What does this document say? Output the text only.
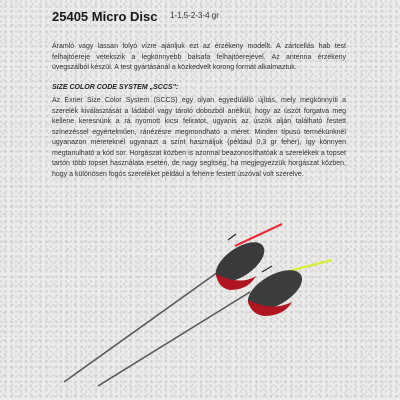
25405 Micro Disc 1-1,5-2-3-4 gr

Áramló vagy lassan folyó vízre ajánljuk ezt az érzékeny modellt. A zártcellás hab test felhajtóereje vetekszik a legkönnyebb balsafa felhajtóerejével. Az antenna érzékeny üvegszálból készül. A test gyártásánál a közkedvelt korong formát alkalmaztuk.

SIZE COLOR CODE SYSTEM „SCCS":

Az Exner Size Color System (SCCS) egy olyan egyedülálló újítás, mely megkönnyíti a szerelék kiválasztását a ládából vagy tároló dobozból anélkül, hogy az úszót forgatva meg kellene keresnünk a rá nyomott kicsi feliratot, ugyanis az úszók alján található festett színezéssel egyértelműen, ránézésre megmondható a méret. Minden típusú termékünknél ugyanazon méreteknél ugyanazt a színt használjuk (például 0,3 gr fehér), így könnyen megtanulható a kód sor. Horgászat közben is azonnal beazonosíthatóak a szerelékek a topset tartón több topset használata esetén, de nagy segítség, ha megjegyezzük horgászat közben, hogy a különösen fogós szereléket például a fehérre festett úszóval volt szerelve.
